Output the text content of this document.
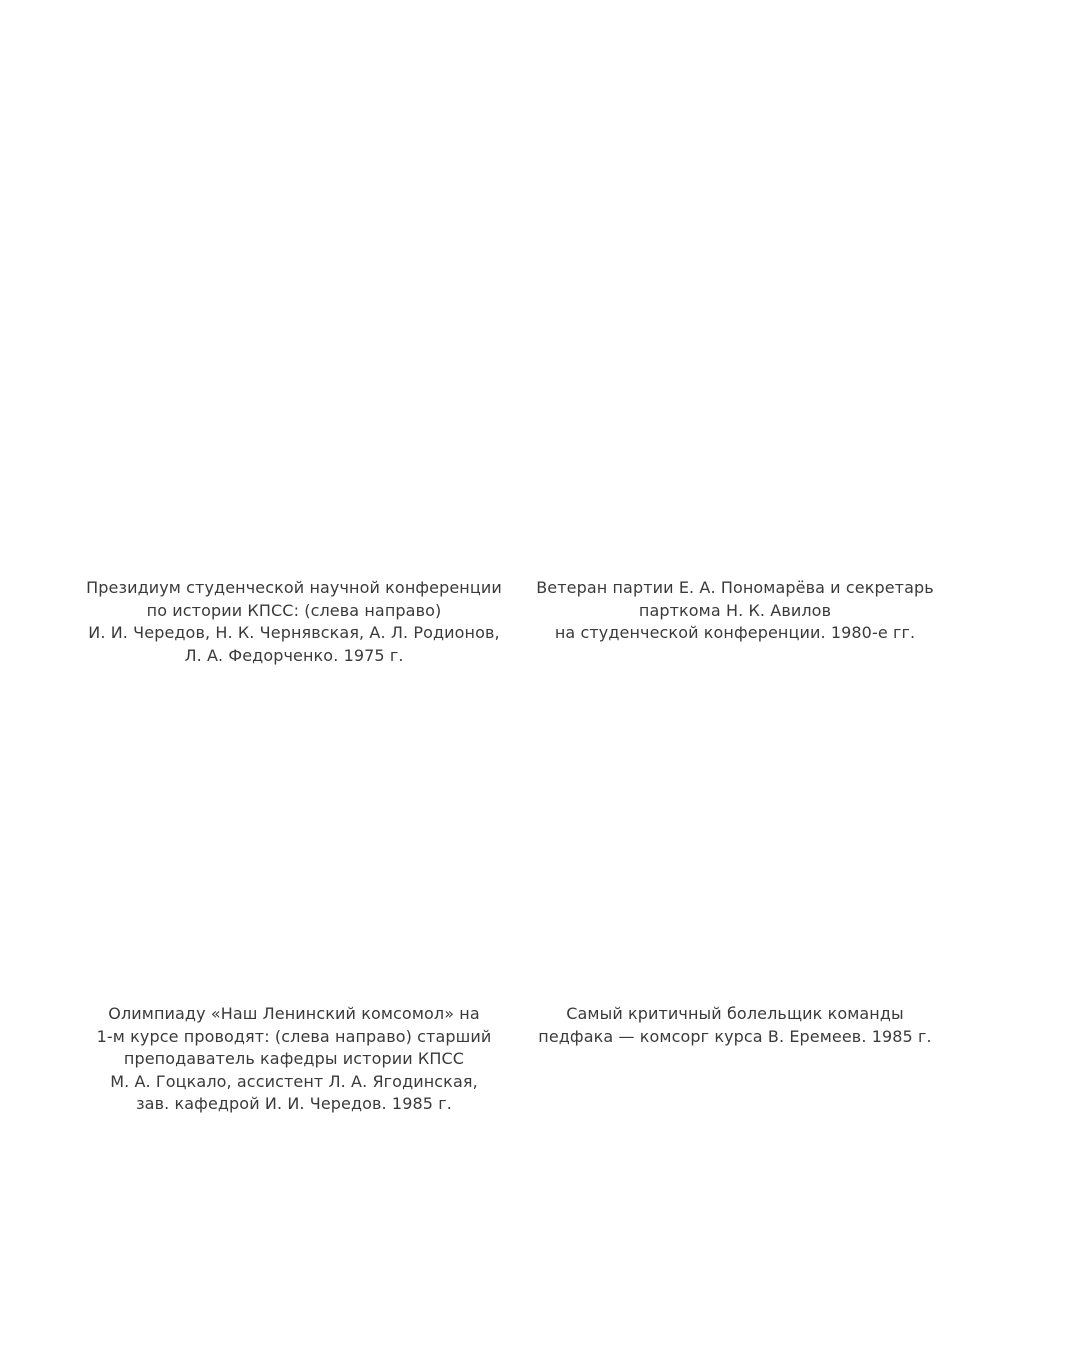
Президиум студенческой научной конференции
по истории КПСС: (слева направо)
И. И. Чередов, Н. К. Чернявская, А. Л. Родионов,
Л. А. Федорченко. 1975 г.
Ветеран партии Е. А. Пономарёва и секретарь
парткома Н. К. Авилов
на студенческой конференции. 1980-е гг.
Олимпиаду «Наш Ленинский комсомол» на
1-м курсе проводят: (слева направо) старший
преподаватель кафедры истории КПСС
М. А. Гоцкало, ассистент Л. А. Ягодинская,
зав. кафедрой И. И. Чередов. 1985 г.
Самый критичный болельщик команды
педфака — комсорг курса В. Еремеев. 1985 г.
